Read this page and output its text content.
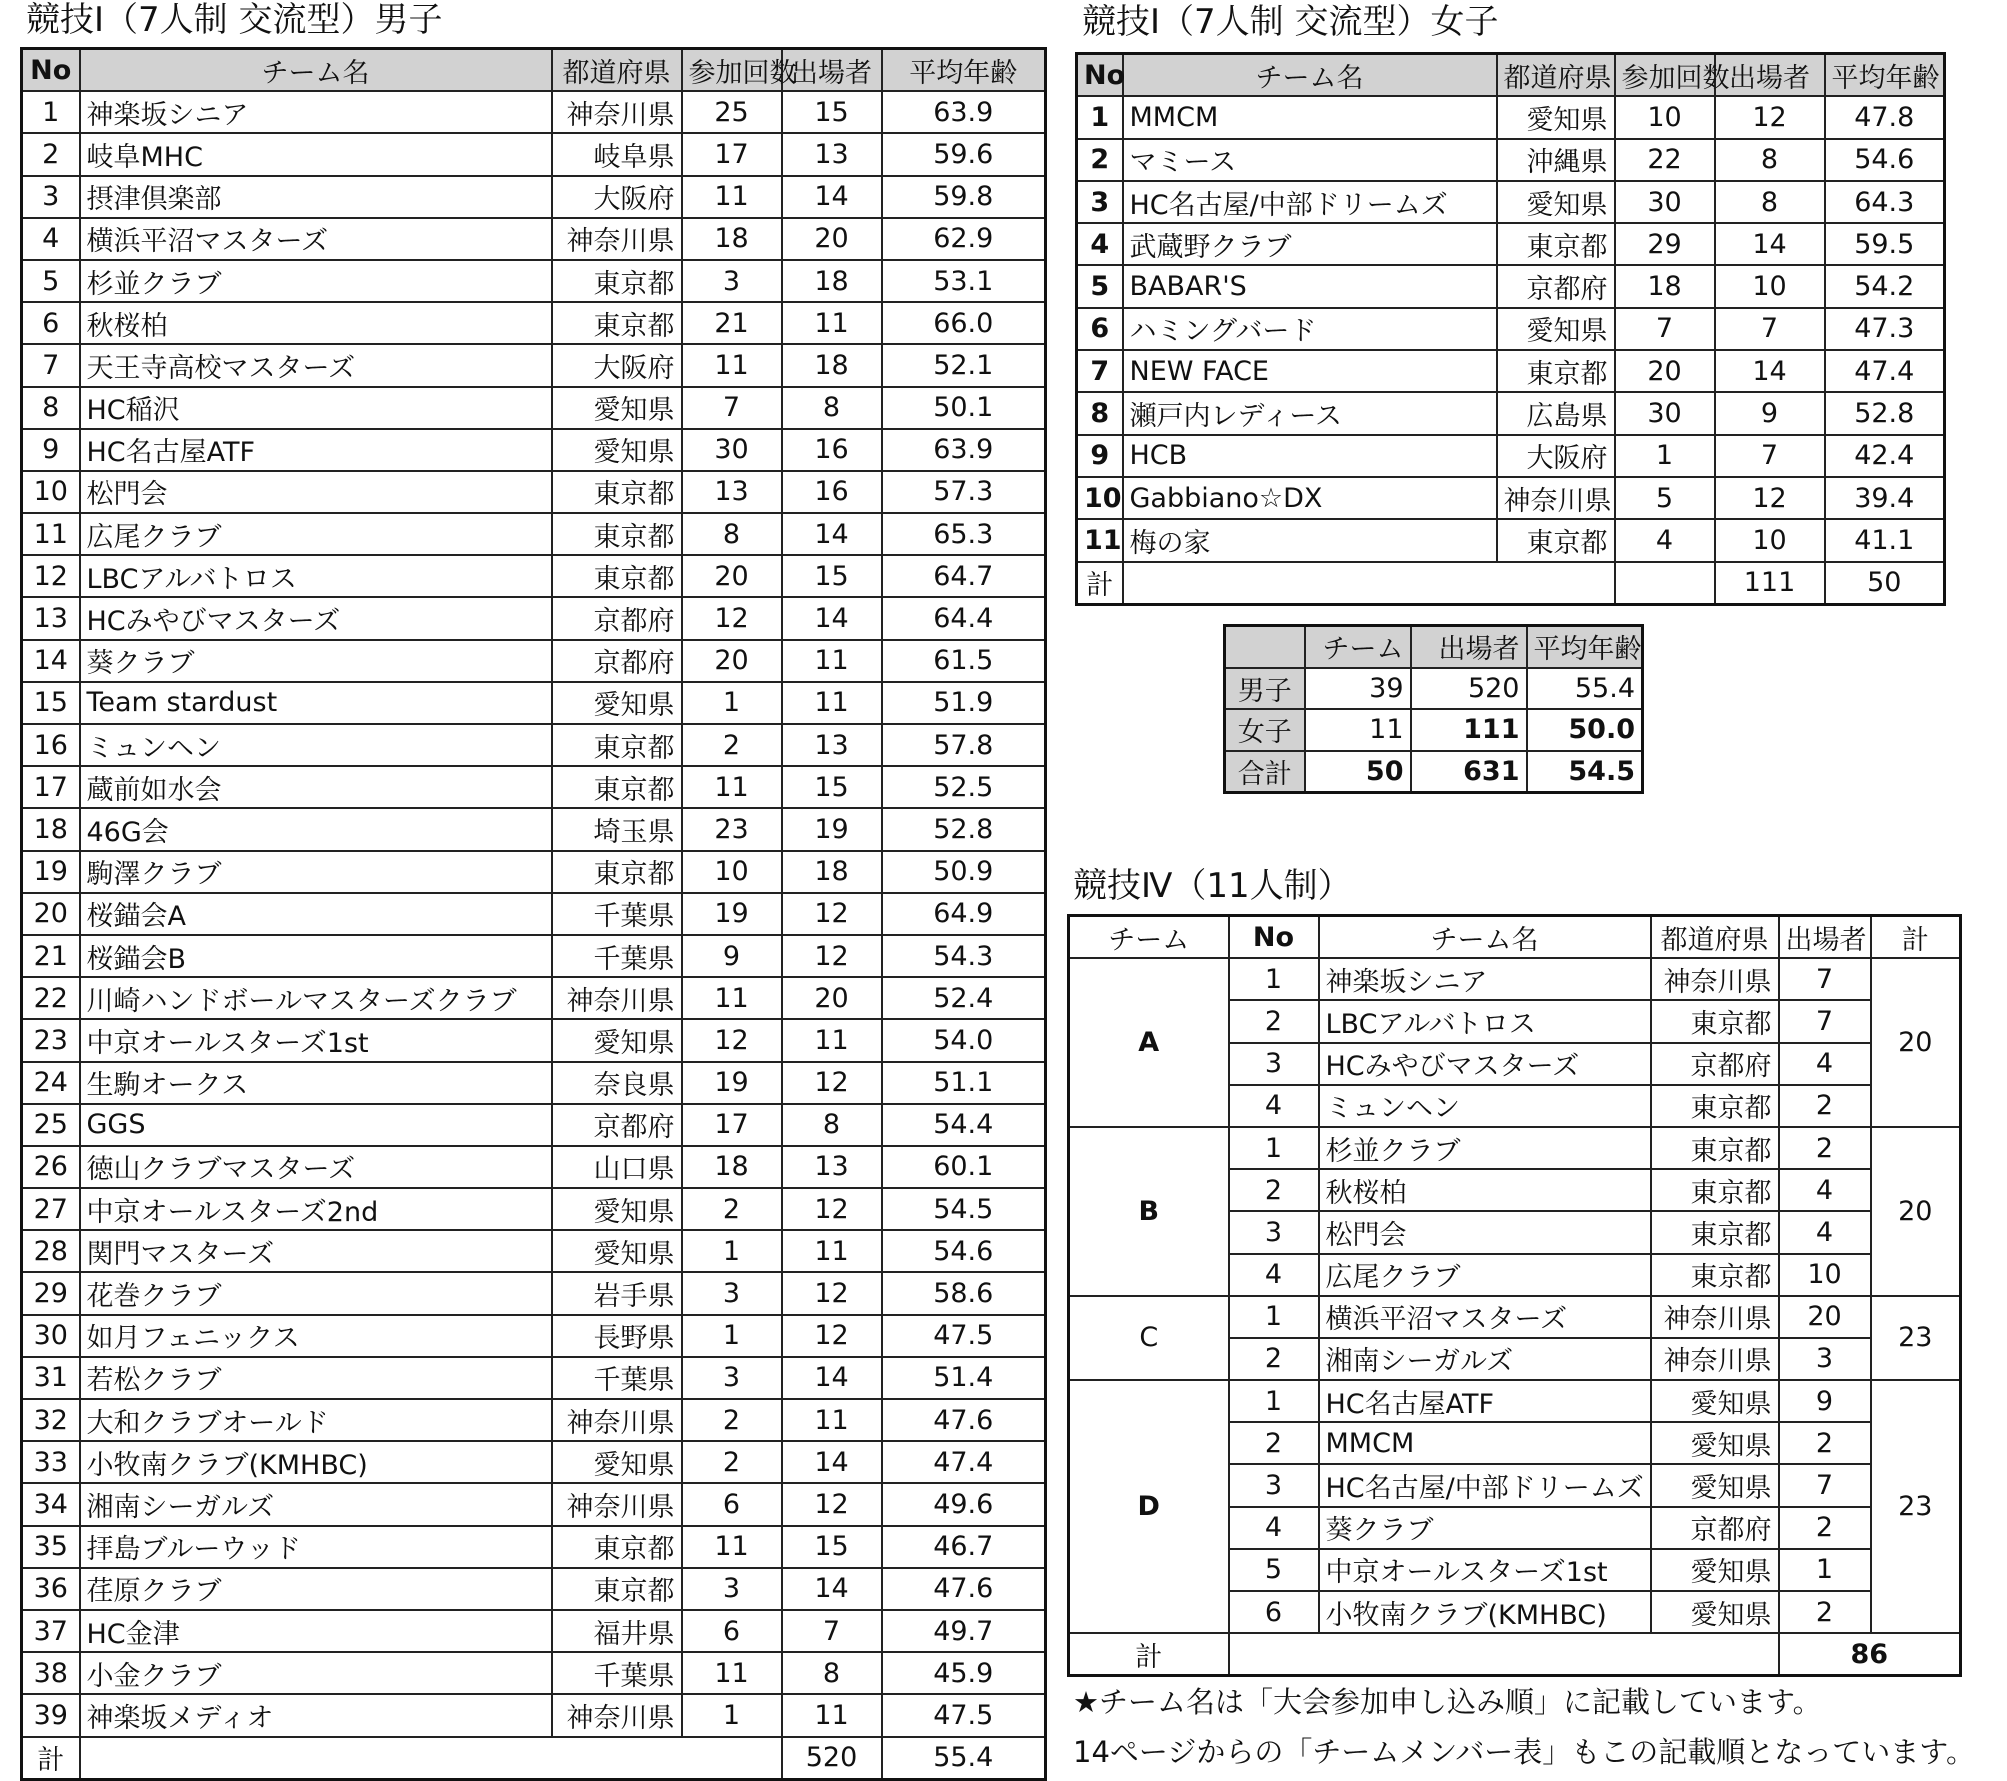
競技Ⅰ（7人制 交流型）男子
No	チーム名	都道府県	参加回数	出場者	平均年齢
1	神楽坂シニア	神奈川県	25	15	63.9
2	岐阜MHC	岐阜県	17	13	59.6
3	摂津倶楽部	大阪府	11	14	59.8
4	横浜平沼マスターズ	神奈川県	18	20	62.9
5	杉並クラブ	東京都	3	18	53.1
6	秋桜柏	東京都	21	11	66.0
7	天王寺高校マスターズ	大阪府	11	18	52.1
8	HC稲沢	愛知県	7	8	50.1
9	HC名古屋ATF	愛知県	30	16	63.9
10	松門会	東京都	13	16	57.3
11	広尾クラブ	東京都	8	14	65.3
12	LBCアルバトロス	東京都	20	15	64.7
13	HCみやびマスターズ	京都府	12	14	64.4
14	葵クラブ	京都府	20	11	61.5
15	Team stardust	愛知県	1	11	51.9
16	ミュンヘン	東京都	2	13	57.8
17	蔵前如水会	東京都	11	15	52.5
18	46G会	埼玉県	23	19	52.8
19	駒澤クラブ	東京都	10	18	50.9
20	桜錨会A	千葉県	19	12	64.9
21	桜錨会B	千葉県	9	12	54.3
22	川崎ハンドボールマスターズクラブ	神奈川県	11	20	52.4
23	中京オールスターズ1st	愛知県	12	11	54.0
24	生駒オークス	奈良県	19	12	51.1
25	GGS	京都府	17	8	54.4
26	徳山クラブマスターズ	山口県	18	13	60.1
27	中京オールスターズ2nd	愛知県	2	12	54.5
28	関門マスターズ	愛知県	1	11	54.6
29	花巻クラブ	岩手県	3	12	58.6
30	如月フェニックス	長野県	1	12	47.5
31	若松クラブ	千葉県	3	14	51.4
32	大和クラブオールド	神奈川県	2	11	47.6
33	小牧南クラブ(KMHBC)	愛知県	2	14	47.4
34	湘南シーガルズ	神奈川県	6	12	49.6
35	拝島ブルーウッド	東京都	11	15	46.7
36	荏原クラブ	東京都	3	14	47.6
37	HC金津	福井県	6	7	49.7
38	小金クラブ	千葉県	11	8	45.9
39	神楽坂メディオ	神奈川県	1	11	47.5
計				520	55.4
競技Ⅰ（7人制 交流型）女子
No	チーム名	都道府県	参加回数	出場者	平均年齢
1	MMCM	愛知県	10	12	47.8
2	マミース	沖縄県	22	8	54.6
3	HC名古屋/中部ドリームズ	愛知県	30	8	64.3
4	武蔵野クラブ	東京都	29	14	59.5
5	BABAR'S	京都府	18	10	54.2
6	ハミングバード	愛知県	7	7	47.3
7	NEW FACE	東京都	20	14	47.4
8	瀬戸内レディース	広島県	30	9	52.8
9	HCB	大阪府	1	7	42.4
10	Gabbiano☆DX	神奈川県	5	12	39.4
11	梅の家	東京都	4	10	41.1
計				111	50
	チーム	出場者	平均年齢
男子	39	520	55.4
女子	11	111	50.0
合計	50	631	54.5
競技Ⅳ（11人制）
チーム	No	チーム名	都道府県	出場者	計
A	1	神楽坂シニア	神奈川県	7	20
	2	LBCアルバトロス	東京都	7	
	3	HCみやびマスターズ	京都府	4	
	4	ミュンヘン	東京都	2	
B	1	杉並クラブ	東京都	2	20
	2	秋桜柏	東京都	4	
	3	松門会	東京都	4	
	4	広尾クラブ	東京都	10	
C	1	横浜平沼マスターズ	神奈川県	20	23
	2	湘南シーガルズ	神奈川県	3	
D	1	HC名古屋ATF	愛知県	9	23
	2	MMCM	愛知県	2	
	3	HC名古屋/中部ドリームズ	愛知県	7	
	4	葵クラブ	京都府	2	
	5	中京オールスターズ1st	愛知県	1	
	6	小牧南クラブ(KMHBC)	愛知県	2	
計				86	
★チーム名は「大会参加申し込み順」に記載しています。
14ページからの「チームメンバー表」もこの記載順となっています。
